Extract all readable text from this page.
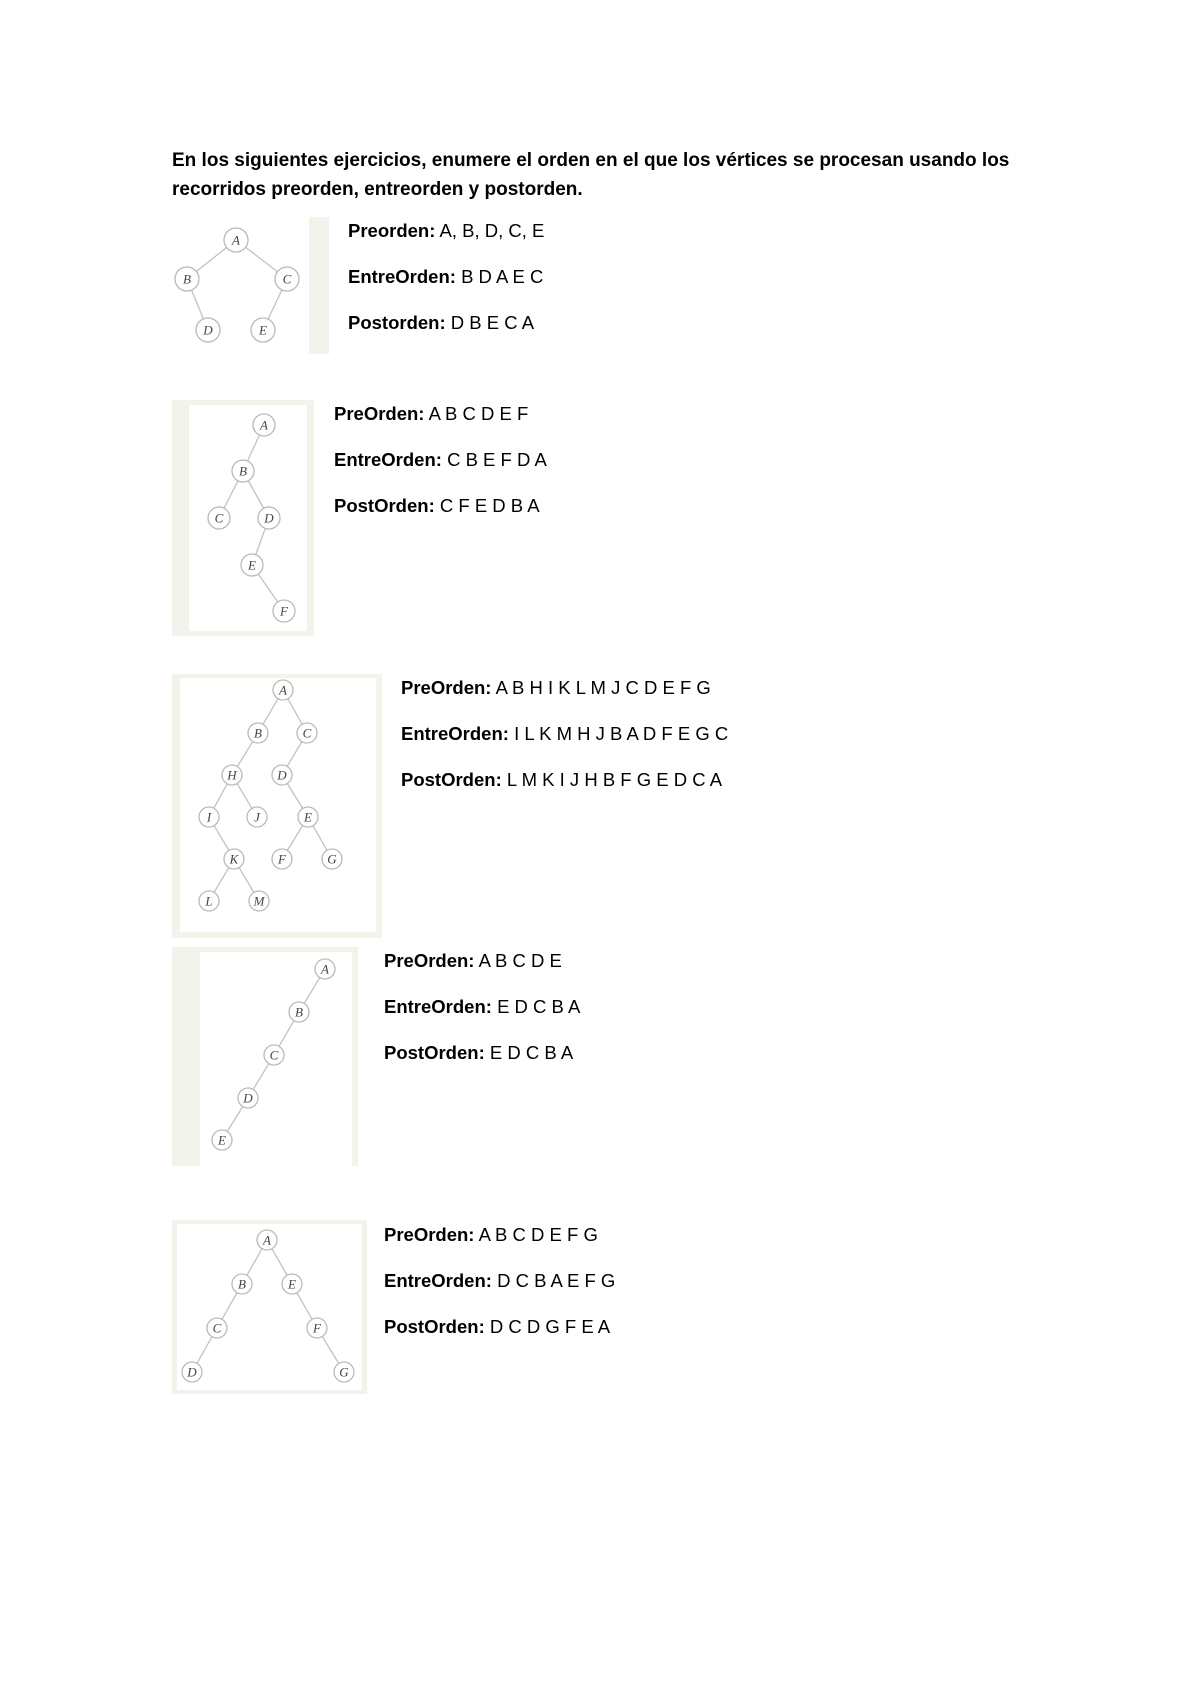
En los siguientes ejercicios, enumere el orden en el que los vértices se procesan usando los recorridos preorden, entreorden y postorden.

A
B	C
D	E

Preorden: A, B, D, C, E

EntreOrden: B D A E C

Postorden: D B E C A

A
B
C	D
E
F

PreOrden: A B C D E F

EntreOrden: C B E F D A

PostOrden: C F E D B A

A
B	C
H	D
I	J	E
K	F	G
L	M

PreOrden: A B H I K L M J C D E F G

EntreOrden: I L K M H J B A D F E G C

PostOrden: L M K I J H B F G E D C A

A
B
C
D
E

PreOrden: A B C D E

EntreOrden: E D C B A

PostOrden: E D C B A

A
B	E
C	F
D	G

PreOrden: A B C D E F G

EntreOrden: D C B A E F G

PostOrden: D C D G F E A
